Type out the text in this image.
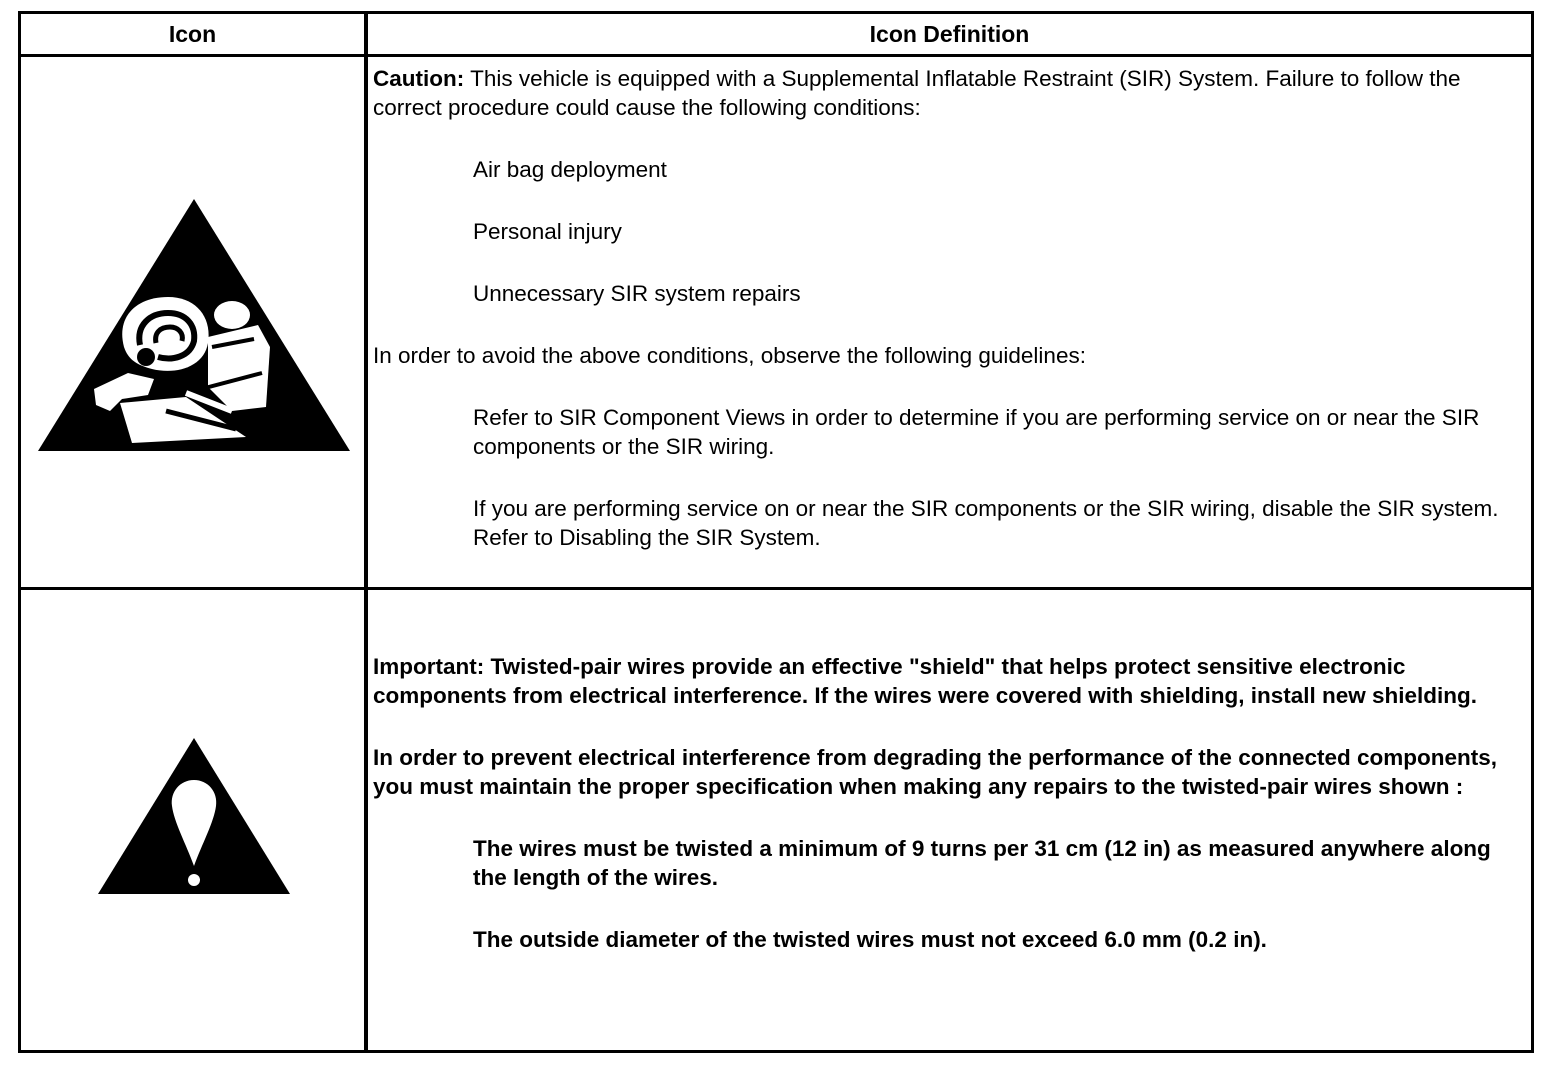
Icon	Icon Definition

Caution: This vehicle is equipped with a Supplemental Inflatable Restraint (SIR) System. Failure to follow the correct procedure could cause the following conditions:

Air bag deployment

Personal injury

Unnecessary SIR system repairs

In order to avoid the above conditions, observe the following guidelines:

Refer to SIR Component Views in order to determine if you are performing service on or near the SIR components or the SIR wiring.

If you are performing service on or near the SIR components or the SIR wiring, disable the SIR system. Refer to Disabling the SIR System.

Important: Twisted-pair wires provide an effective "shield" that helps protect sensitive electronic components from electrical interference. If the wires were covered with shielding, install new shielding.

In order to prevent electrical interference from degrading the performance of the connected components, you must maintain the proper specification when making any repairs to the twisted-pair wires shown :

The wires must be twisted a minimum of 9 turns per 31 cm (12 in) as measured anywhere along the length of the wires.

The outside diameter of the twisted wires must not exceed 6.0 mm (0.2 in).
